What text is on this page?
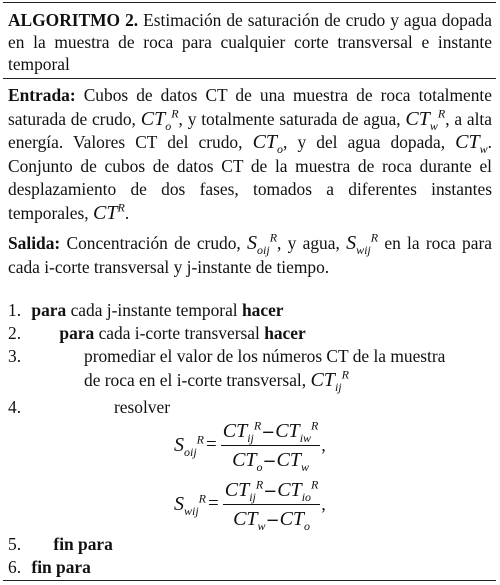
ALGORITMO 2. Estimación de saturación de crudo y agua dopada en la muestra de roca para cualquier corte transversal e instante temporal
Entrada: Cubos de datos CT de una muestra de roca totalmente saturada de crudo, $CT_o^R$, y totalmente saturada de agua, $CT_w^R$, a alta energía. Valores CT del crudo, $CT_o$, y del agua dopada, $CT_w$. Conjunto de cubos de datos CT de la muestra de roca durante el desplazamiento de dos fases, tomados a diferentes instantes temporales, $CT^R$.
Salida: Concentración de crudo, $S_{oij}^R$, y agua, $S_{wij}^R$ en la roca para cada i-corte transversal y j-instante de tiempo.
1. para cada j-instante temporal hacer
2. para cada i-corte transversal hacer
3.	promediar el valor de los números CT de la muestra
de roca en el i-corte transversal, $CT_{ij}^R$
4.	resolver
$S_{oij}^R = \frac{CT_{ij}^R - CT_{iw}^R}{CT_o - CT_w}$ ,
$S_{wij}^R = \frac{CT_{ij}^R - CT_{io}^R}{CT_w - CT_o}$ ,
5. fin para
6. fin para
